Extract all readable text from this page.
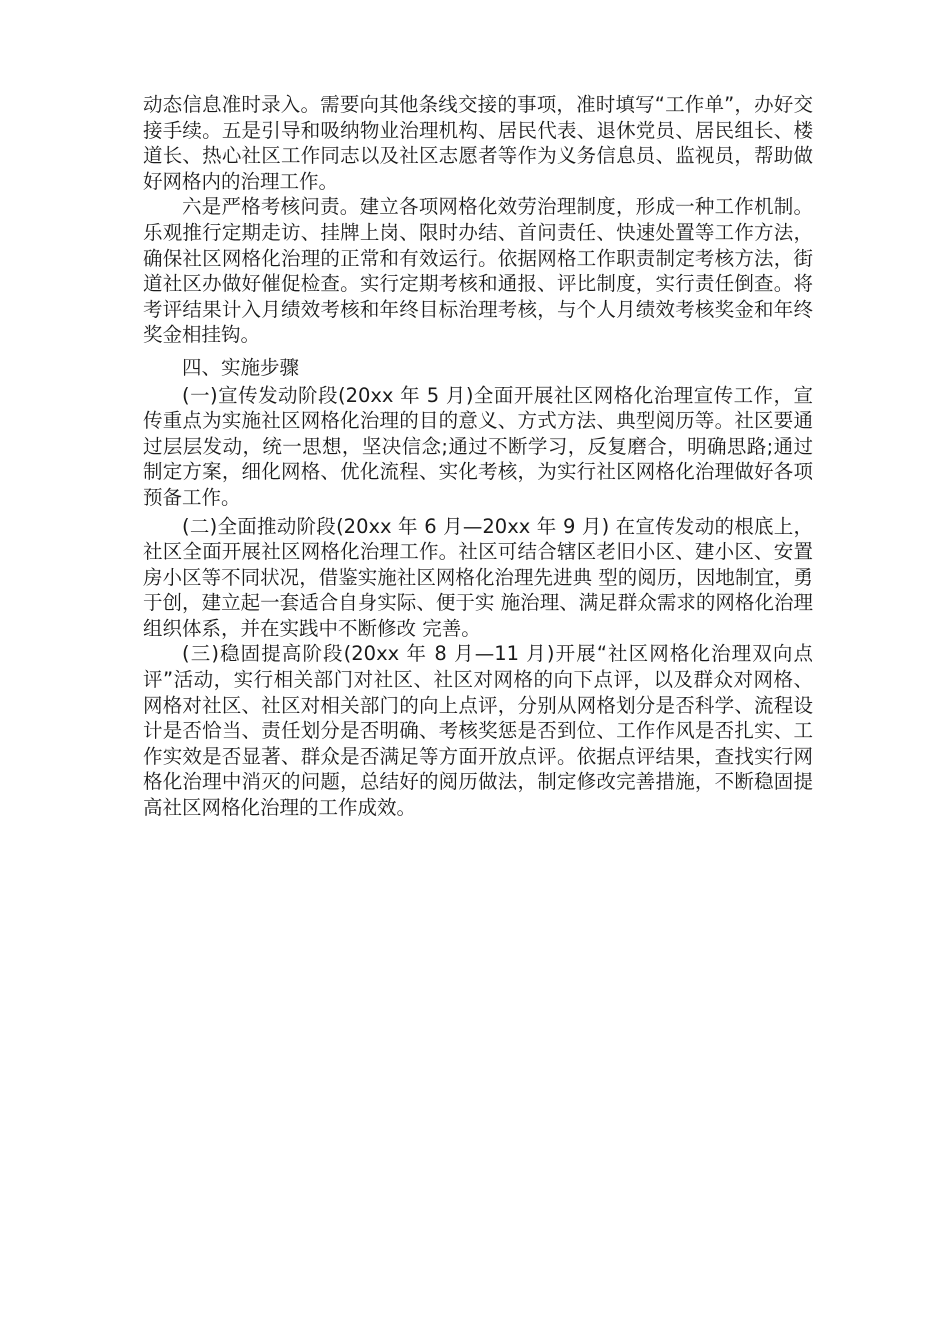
动态信息准时录入。需要向其他条线交接的事项，准时填写“工作单”，办好交接手续。五是引导和吸纳物业治理机构、居民代表、退休党员、居民组长、楼道长、热心社区工作同志以及社区志愿者等作为义务信息员、监视员，帮助做好网格内的治理工作。

六是严格考核问责。建立各项网格化效劳治理制度，形成一种工作机制。乐观推行定期走访、挂牌上岗、限时办结、首问责任、快速处置等工作方法，确保社区网格化治理的正常和有效运行。依据网格工作职责制定考核方法，街道社区办做好催促检查。实行定期考核和通报、评比制度，实行责任倒查。将考评结果计入月绩效考核和年终目标治理考核，与个人月绩效考核奖金和年终奖金相挂钩。

四、实施步骤

(一)宣传发动阶段(20xx 年 5 月)全面开展社区网格化治理宣传工作，宣传重点为实施社区网格化治理的目的意义、方式方法、典型阅历等。社区要通过层层发动，统一思想，坚决信念;通过不断学习，反复磨合，明确思路;通过制定方案，细化网格、优化流程、实化考核，为实行社区网格化治理做好各项预备工作。

(二)全面推动阶段(20xx 年 6 月—20xx 年 9 月) 在宣传发动的根底上，社区全面开展社区网格化治理工作。社区可结合辖区老旧小区、建小区、安置房小区等不同状况，借鉴实施社区网格化治理先进典 型的阅历，因地制宜，勇于创，建立起一套适合自身实际、便于实 施治理、满足群众需求的网格化治理组织体系，并在实践中不断修改 完善。

(三)稳固提高阶段(20xx 年 8 月—11 月)开展“社区网格化治理双向点评”活动，实行相关部门对社区、社区对网格的向下点评，以及群众对网格、网格对社区、社区对相关部门的向上点评，分别从网格划分是否科学、流程设计是否恰当、责任划分是否明确、考核奖惩是否到位、工作作风是否扎实、工作实效是否显著、群众是否满足等方面开放点评。依据点评结果，查找实行网格化治理中消灭的问题，总结好的阅历做法，制定修改完善措施，不断稳固提高社区网格化治理的工作成效。
